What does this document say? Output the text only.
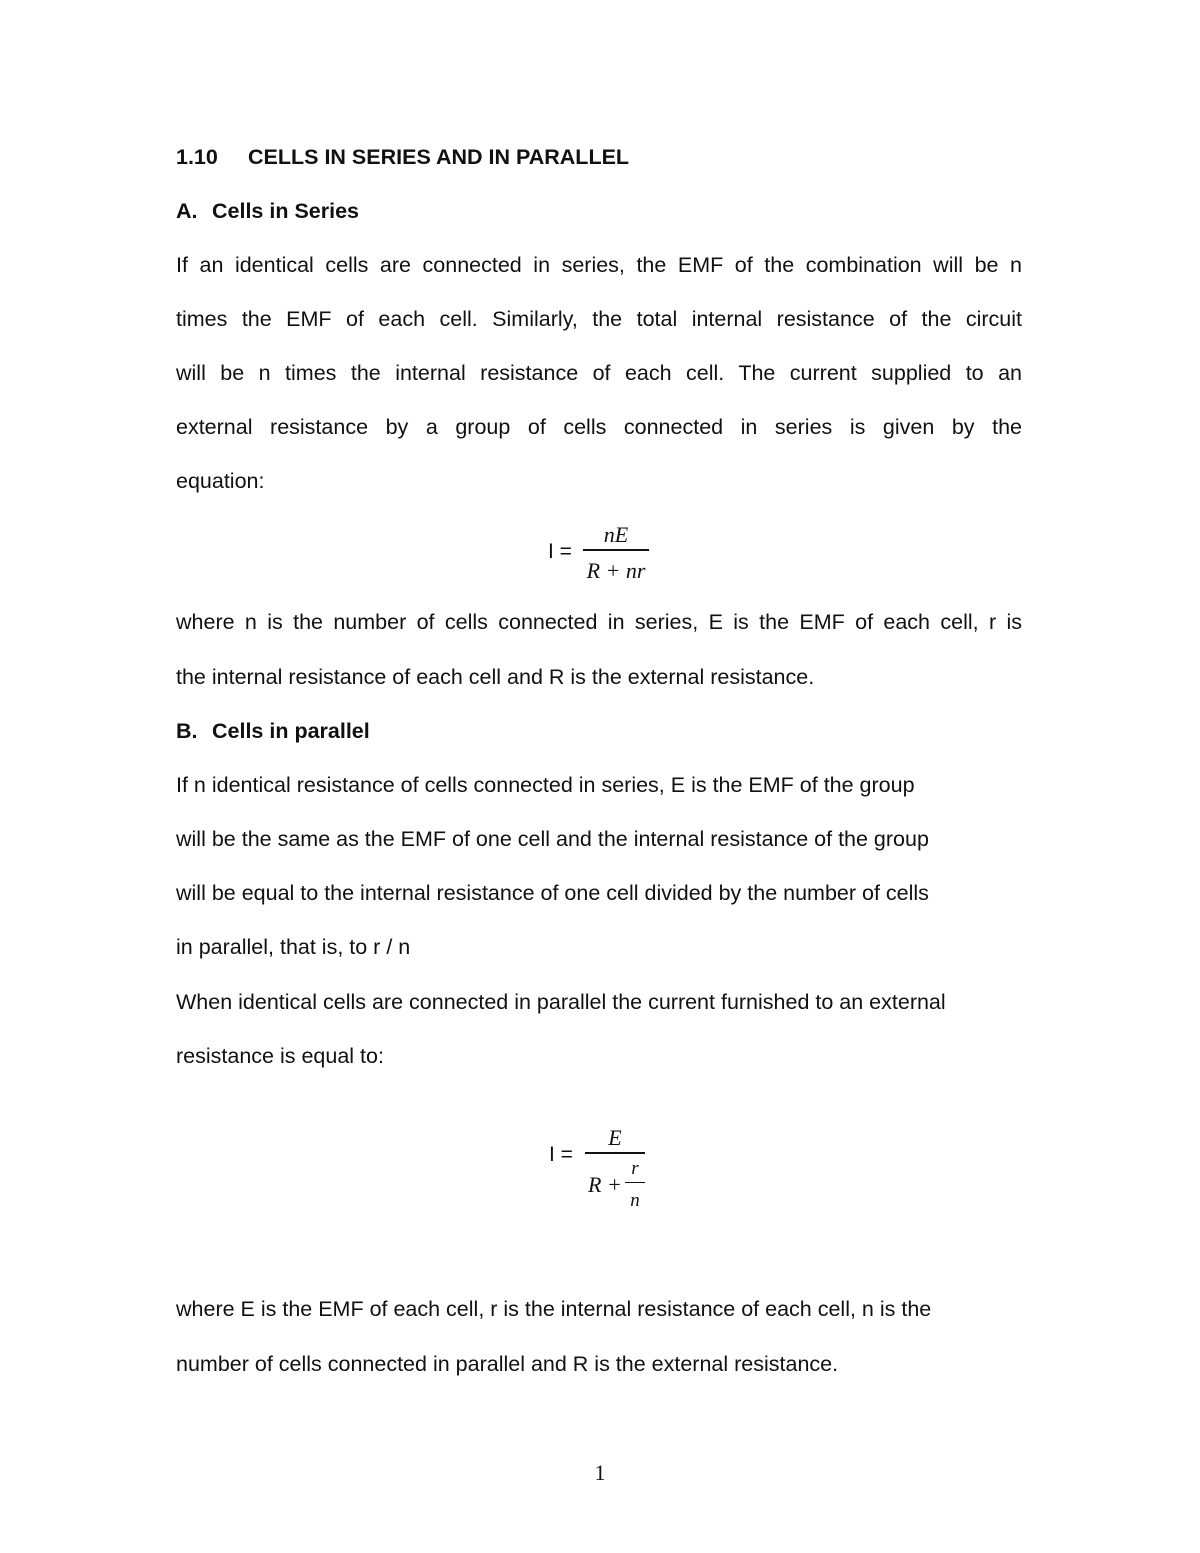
1.10 CELLS IN SERIES AND IN PARALLEL
A. Cells in Series
If an identical cells are connected in series, the EMF of the combination will be n
times the EMF of each cell. Similarly, the total internal resistance of the circuit
will be n times the internal resistance of each cell. The current supplied to an
external resistance by a group of cells connected in series is given by the
equation:
I =
nE
R + nr
where n is the number of cells connected in series, E is the EMF of each cell, r is
the internal resistance of each cell and R is the external resistance.
B. Cells in parallel
If n identical resistance of cells connected in series, E is the EMF of the group
will be the same as the EMF of one cell and the internal resistance of the group
will be equal to the internal resistance of one cell divided by the number of cells
in parallel, that is, to r / n
When identical cells are connected in parallel the current furnished to an external
resistance is equal to:
I =
E
R +
r
n
where E is the EMF of each cell, r is the internal resistance of each cell, n is the
number of cells connected in parallel and R is the external resistance.
1
